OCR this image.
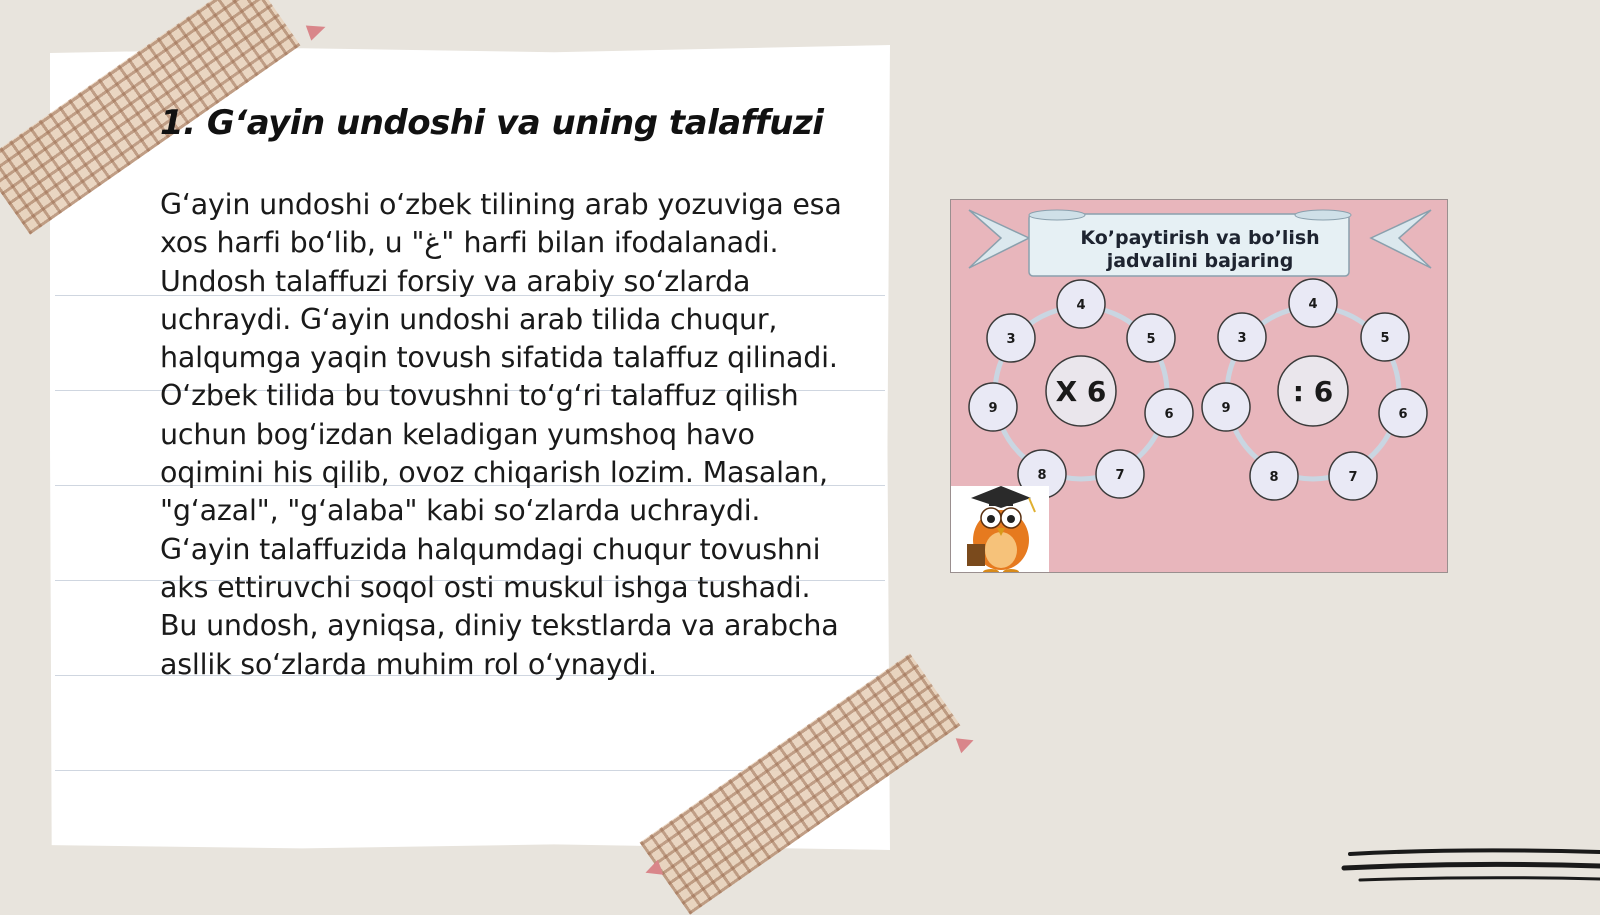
1. G‘ayin undoshi va uning talaffuzi

G‘ayin undoshi o‘zbek tilining arab yozuviga esa xos harfi bo‘lib, u "غ" harfi bilan ifodalanadi. Undosh talaffuzi forsiy va arabiy so‘zlarda uchraydi. G‘ayin undoshi arab tilida chuqur, halqumga yaqin tovush sifatida talaffuz qilinadi. O‘zbek tilida bu tovushni to‘g‘ri talaffuz qilish uchun bog‘izdan keladigan yumshoq havo oqimini his qilib, ovoz chiqarish lozim. Masalan, "g‘azal", "g‘alaba" kabi so‘zlarda uchraydi. G‘ayin talaffuzida halqumdagi chuqur tovushni aks ettiruvchi soqol osti muskul ishga tushadi. Bu undosh, ayniqsa, diniy tekstlarda va arabcha asllik so‘zlarda muhim rol o‘ynaydi.

X 6
4
5
6
7
8
9
3
: 6
4
5
6
7
8
9
3
Ko’paytirish va bo’lish
jadvalini bajaring
